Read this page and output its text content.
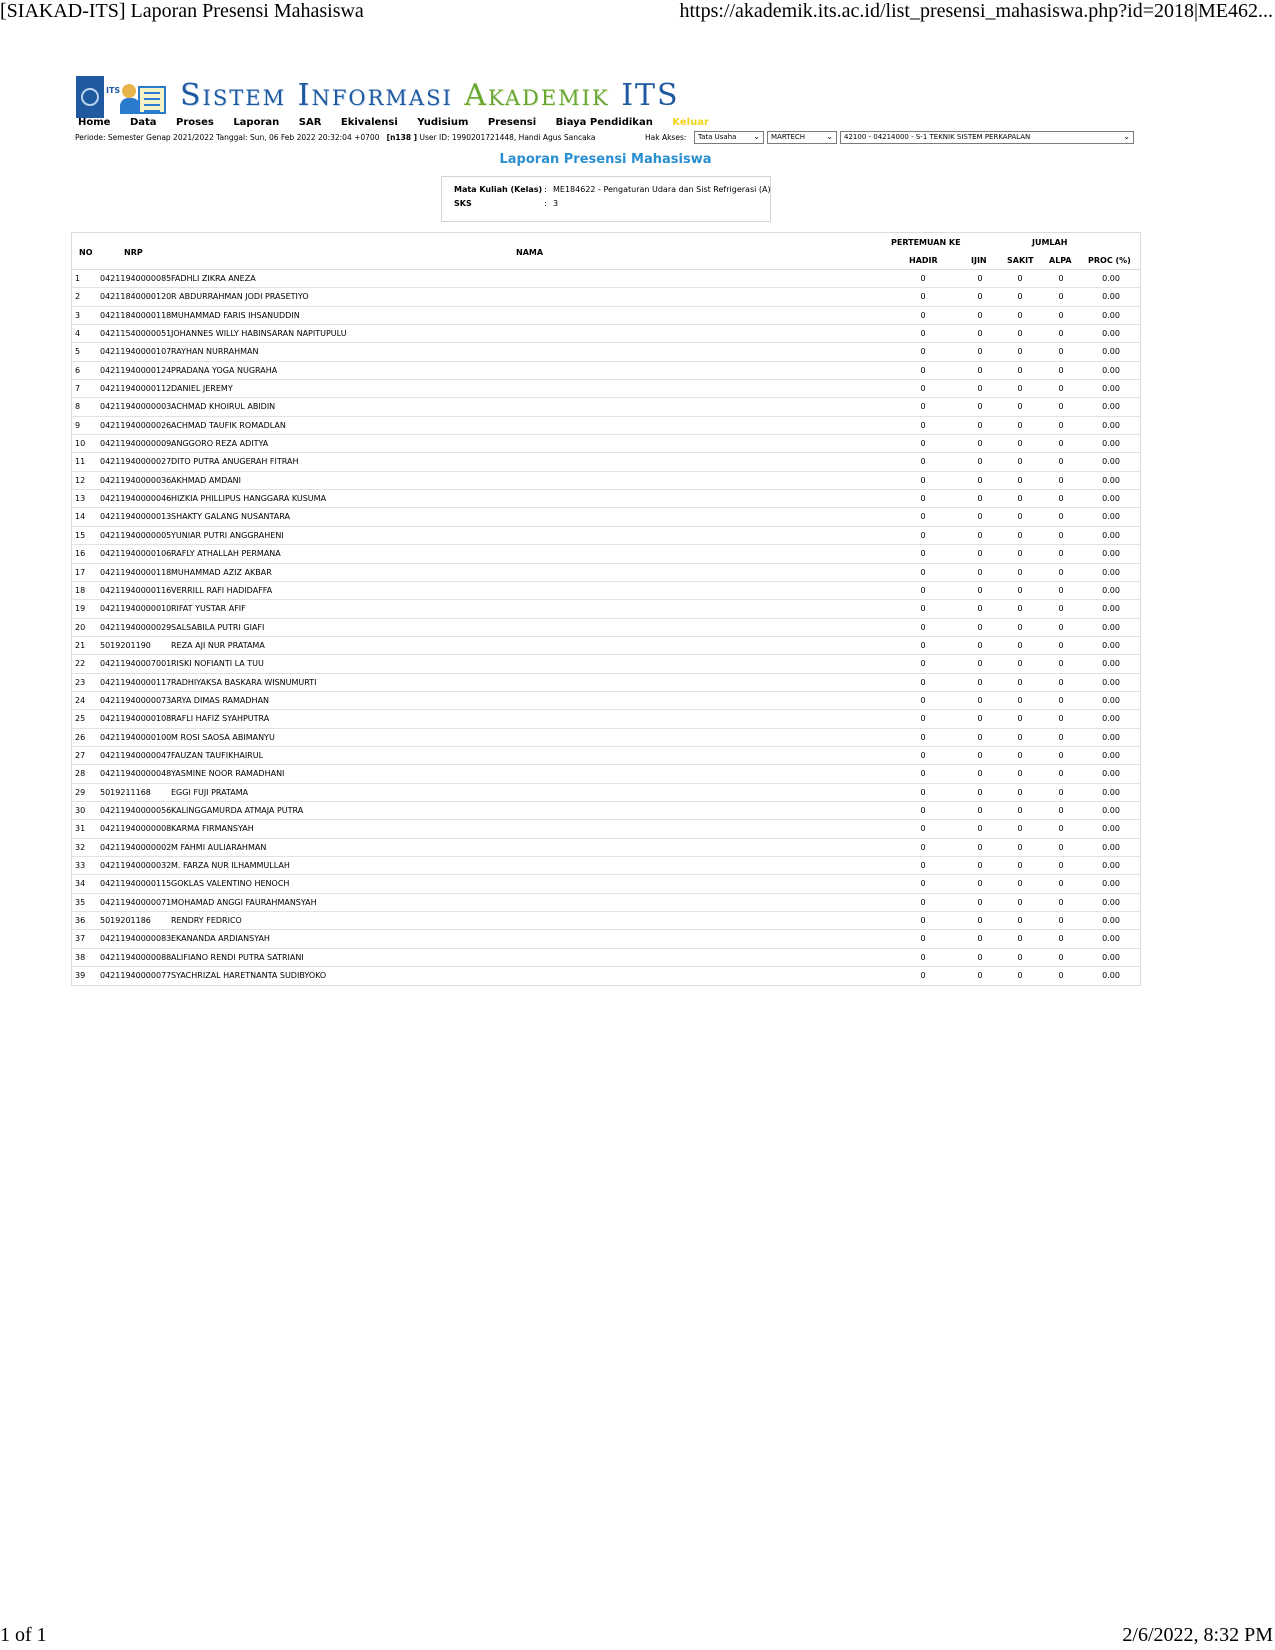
[SIAKAD-ITS] Laporan Presensi Mahasiswa	https://akademik.its.ac.id/list_presensi_mahasiswa.php?id=2018|ME462...
ITS Sistem Informasi Akademik ITS
Home Data Proses Laporan SAR Ekivalensi Yudisium Presensi Biaya Pendidikan Keluar
Periode: Semester Genap 2021/2022 Tanggal: Sun, 06 Feb 2022 20:32:04 +0700 [n138 ] User ID: 1990201721448, Handi Agus Sancaka	Hak Akses:	Tata Usaha ⌄	MARTECH	⌄	42100 - 04214000 - S-1 TEKNIK SISTEM PERKAPALAN	⌄
Laporan Presensi Mahasiswa
Mata Kuliah (Kelas) : ME184622 - Pengaturan Udara dan Sist Refrigerasi (A)
SKS	: 3
NO	NRP	NAMA
PERTEMUAN KE	JUMLAH
HADIR	IJIN	SAKIT ALPA PROC (%)
1 04211940000085 FADHLI ZIKRA ANEZA	0	0	0	0	0.00
2 04211840000120 R ABDURRAHMAN JODI PRASETIYO	0	0	0	0	0.00
3 04211840000118 MUHAMMAD FARIS IHSANUDDIN	0	0	0	0	0.00
4 04211540000051 JOHANNES WILLY HABINSARAN NAPITUPULU	0	0	0	0	0.00
5 04211940000107 RAYHAN NURRAHMAN	0	0	0	0	0.00
6 04211940000124 PRADANA YOGA NUGRAHA	0	0	0	0	0.00
7 04211940000112 DANIEL JEREMY	0	0	0	0	0.00
8 04211940000003 ACHMAD KHOIRUL ABIDIN	0	0	0	0	0.00
9 04211940000026 ACHMAD TAUFIK ROMADLAN	0	0	0	0	0.00
10 04211940000009 ANGGORO REZA ADITYA	0	0	0	0	0.00
11 04211940000027 DITO PUTRA ANUGERAH FITRAH	0	0	0	0	0.00
12 04211940000036 AKHMAD AMDANI	0	0	0	0	0.00
13 04211940000046 HIZKIA PHILLIPUS HANGGARA KUSUMA	0	0	0	0	0.00
14 04211940000013 SHAKTY GALANG NUSANTARA	0	0	0	0	0.00
15 04211940000005 YUNIAR PUTRI ANGGRAHENI	0	0	0	0	0.00
16 04211940000106 RAFLY ATHALLAH PERMANA	0	0	0	0	0.00
17 04211940000118 MUHAMMAD AZIZ AKBAR	0	0	0	0	0.00
18 04211940000116 VERRILL RAFI HADIDAFFA	0	0	0	0	0.00
19 04211940000010 RIFAT YUSTAR AFIF	0	0	0	0	0.00
20 04211940000029 SALSABILA PUTRI GIAFI	0	0	0	0	0.00
21 5019201190	REZA AJI NUR PRATAMA	0	0	0	0	0.00
22 04211940007001 RISKI NOFIANTI LA TUU	0	0	0	0	0.00
23 04211940000117 RADHIYAKSA BASKARA WISNUMURTI	0	0	0	0	0.00
24 04211940000073 ARYA DIMAS RAMADHAN	0	0	0	0	0.00
25 04211940000108 RAFLI HAFIZ SYAHPUTRA	0	0	0	0	0.00
26 04211940000100 M ROSI SAOSA ABIMANYU	0	0	0	0	0.00
27 04211940000047 FAUZAN TAUFIKHAIRUL	0	0	0	0	0.00
28 04211940000048 YASMINE NOOR RAMADHANI	0	0	0	0	0.00
29 5019211168	EGGI FUJI PRATAMA	0	0	0	0	0.00
30 04211940000056 KALINGGAMURDA ATMAJA PUTRA	0	0	0	0	0.00
31 04211940000008 KARMA FIRMANSYAH	0	0	0	0	0.00
32 04211940000002 M FAHMI AULIARAHMAN	0	0	0	0	0.00
33 04211940000032 M. FARZA NUR ILHAMMULLAH	0	0	0	0	0.00
34 04211940000115 GOKLAS VALENTINO HENOCH	0	0	0	0	0.00
35 04211940000071 MOHAMAD ANGGI FAURAHMANSYAH	0	0	0	0	0.00
36 5019201186	RENDRY FEDRICO	0	0	0	0	0.00
37 04211940000083 EKANANDA ARDIANSYAH	0	0	0	0	0.00
38 04211940000088 ALIFIANO RENDI PUTRA SATRIANI	0	0	0	0	0.00
39 04211940000077 SYACHRIZAL HARETNANTA SUDIBYOKO	0	0	0	0	0.00
1 of 1	2/6/2022, 8:32 PM
